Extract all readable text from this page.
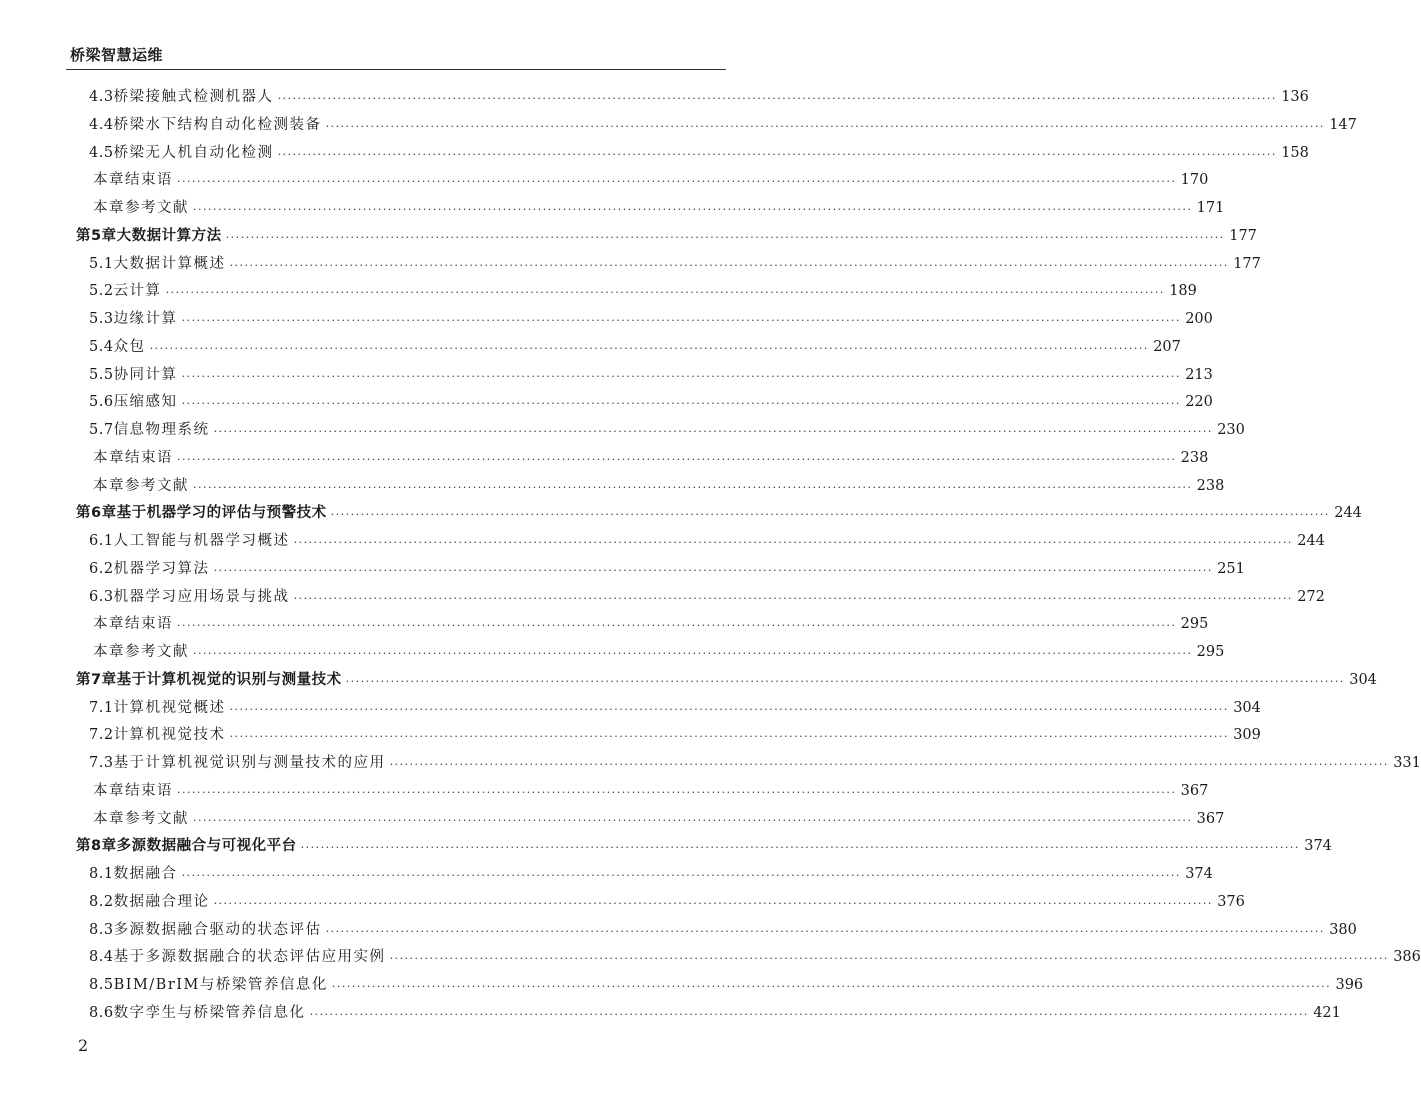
桥梁智慧运维
4.3 桥梁接触式检测机器人 ········································································································································································································ 136
4.4 桥梁水下结构自动化检测装备 ········································································································································································································ 147
4.5 桥梁无人机自动化检测 ········································································································································································································ 158
本章结束语 ········································································································································································································ 170
本章参考文献 ········································································································································································································ 171
第5章 大数据计算方法 ········································································································································································································ 177
5.1 大数据计算概述 ········································································································································································································ 177
5.2 云计算 ········································································································································································································ 189
5.3 边缘计算 ········································································································································································································ 200
5.4 众包 ········································································································································································································ 207
5.5 协同计算 ········································································································································································································ 213
5.6 压缩感知 ········································································································································································································ 220
5.7 信息物理系统 ········································································································································································································ 230
本章结束语 ········································································································································································································ 238
本章参考文献 ········································································································································································································ 238
第6章 基于机器学习的评估与预警技术 ········································································································································································································ 244
6.1 人工智能与机器学习概述 ········································································································································································································ 244
6.2 机器学习算法 ········································································································································································································ 251
6.3 机器学习应用场景与挑战 ········································································································································································································ 272
本章结束语 ········································································································································································································ 295
本章参考文献 ········································································································································································································ 295
第7章 基于计算机视觉的识别与测量技术 ········································································································································································································ 304
7.1 计算机视觉概述 ········································································································································································································ 304
7.2 计算机视觉技术 ········································································································································································································ 309
7.3 基于计算机视觉识别与测量技术的应用 ········································································································································································································ 331
本章结束语 ········································································································································································································ 367
本章参考文献 ········································································································································································································ 367
第8章 多源数据融合与可视化平台 ········································································································································································································ 374
8.1 数据融合 ········································································································································································································ 374
8.2 数据融合理论 ········································································································································································································ 376
8.3 多源数据融合驱动的状态评估 ········································································································································································································ 380
8.4 基于多源数据融合的状态评估应用实例 ········································································································································································································ 386
8.5 BIM/BrIM与桥梁管养信息化 ········································································································································································································ 396
8.6 数字孪生与桥梁管养信息化 ········································································································································································································ 421
2
